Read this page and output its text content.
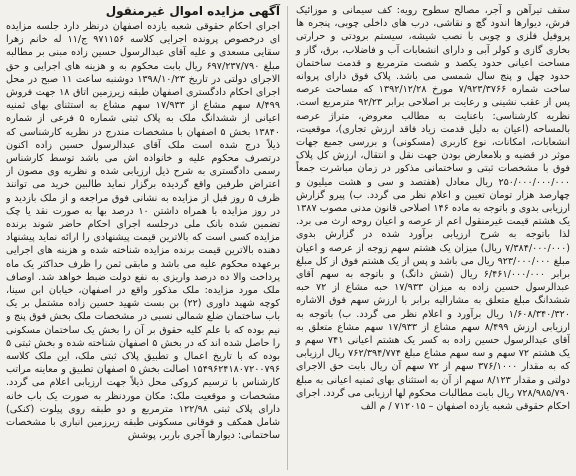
سقف تیرآهن و آجر، مصالح سطوح رویه: کف سیمانی و موزائیک فرش، دیوارها اندود گچ و نقاشی، درب های داخلی چوبی، پنجره ها پروفیل فلزی و چوبی با نصب شیشه، سیستم برودتی و حرارتی بخاری گازی و کولر آبی و دارای انشعابات آب و فاضلاب، برق، گاز و مساحت اعیانی حدود یکصد و شصت مترمربع و قدمت ساختمان حدود چهل و پنج سال شمسی می باشد. پلاک فوق دارای پروانه ساخت شماره ۷/۹۲۳/۳۷۶۶ مورخ ۱۳۹۲/۱۲/۲۸ که مساحت عرصه پس از عقب نشینی و رعایت بر اصلاحی برابر ۹۲/۲۳ مترمربع است. نظریه کارشناسی: باعنایت به مطالب معروض، متراژ عرصه بالمساحه (اعیان به دلیل قدمت زیاد فاقد ارزش تجاری)، موقعیت، انشعابات، امکانات، نوع کاربری (مسکونی) و بررسی جمیع جهات موثر در قضیه و بلامعارض بودن جهت نقل و انتقال، ارزش کل پلاک فوق با مشخصات ثبتی و ساختمانی مذکور در زمان مباشرت جمعاً ۲۵۰/۰۰۰/۰۰۰/۰۰۰ ریال معادل (هفتصد و سی و هشت میلیون و چهارصد هزار تومان تعیین و اعلام نظر می گردد. ب) پیرو گزارش ارزیابی بدوی و باتوجه به ماده ۱۴۶ اصلاحی قانون مدنی مصوب ۱۳۸۷ یک هشتم قیمت غیرمنقول اعم از عرصه و اعیان روحه ارث می برد. لذا باتوجه به شرح ارزیابی برآورد شده در گزارش بدوی (۷/۳۸۴/۰۰۰/۰۰۰ ریال) میزان یک هشتم سهم زوجه از عرصه و اعیان مبلغ ۹۲۳/۰۰۰/۰۰۰ ریال می باشد و پس از یک هشتم فوق از کل مبلغ برابر ۶/۴۶۱/۰۰۰/۰۰۰ ریال (شش دانگ) و باتوجه به سهم آقای عبدالرسول حسین زاده به میزان ۱۷/۹۳۳ حبه مشاع از ۷۲ حبه ششدانگ مبلغ متعلق به مشارالیه برابر با ارزش سهم فوق الاشاره ۱/۶۰۸/۳۴۰/۳۲۰ ریال برآورد و اعلام نظر می گردد. ب) باتوجه به ارزیابی ارزش ۸/۴۹۹ سهم مشاع از ۱۷/۹۳۳ سهم مشاع متعلق به آقای عبدالرسول حسین زاده به کسر یک هشتم اعیانی ۷۴۱ سهم و یک هشتم ۷۲ سهم و سه سهم مشاع مبلغ ۷۶۲/۳۹۴/۷۷۴ ریال ارزیابی که به مقدار ۳۷۶/۱۰۰۰ سهم از ۷۲ سهم آن ریال بابت حق الاجرای دولتی و مقدار ۸/۱۲۳ سهم از آن به استثنای بهای ثمنیه اعیانی به مبلغ ۷۲۸/۹۸۵/۷۹۰ ریال بابت مطالبات محکوم لها ارزیابی می گردد. اجرای احکام حقوقی شعبه یازده اصفهان – ۷۱۲۰۱۵ / م الف

آگهی مزایده اموال غیرمنقول

اجرای احکام حقوقی شعبه یازده اصفهان درنظر دارد جلسه مزایده ای درخصوص پرونده اجرایی کلاسه ۹۷۱۱۵۶ ج/۱۱ له خانم زهرا سقایی مسعدی و علیه آقای عبدالرسول حسین زاده مبنی بر مطالبه مبلغ ۶۹۷/۲۳۷/۷۹۰ ریال بابت محکوم به و هزینه های اجرایی و حق الاجرای دولتی در تاریخ ۱۳۹۸/۱۰/۲۳ دوشنبه ساعت ۱۱ صبح در محل اجرای احکام دادگستری اصفهان طبقه زیرزمین اتاق ۱۸ جهت فروش ۸/۴۹۹ سهم مشاع از ۱۷/۹۳۳ سهم مشاع به استثنای بهای ثمنیه اعیانی از ششدانگ ملک به پلاک ثبتی شماره ۵ فرعی از شماره ۱۳۸۴۰ بخش ۵ اصفهان با مشخصات مندرج در نظریه کارشناسی که ذیلاً درج شده است ملک آقای عبدالرسول حسین زاده اکنون درتصرف محکوم علیه و خانواده اش می باشد توسط کارشناس رسمی دادگستری به شرح ذیل ارزیابی شده و نظریه وی مصون از اعتراض طرفین واقع گردیده برگزار نماید طالبین خرید می توانند ظرف ۵ روز قبل از مزایده به نشانی فوق مراجعه و از ملک بازدید و در روز مزایده با همراه داشتن ۱۰ درصد بها به صورت نقد یا چک تضمین شده بانک ملی درجلسه اجرای احکام حاضر شوند برنده مزایده کسی است که بالاترین قیمت پیشنهادی را ارائه نماید پیشنهاد دهنده بالاترین قیمت برنده مزایده شناخته شده و هزینه های اجرایی برعهده محکوم علیه می باشد و مابقی ثمن را ظرف حداکثر یک ماه پرداخت والا ده درصد واریزی به نفع دولت ضبط خواهد شد. اوصاف ملک مورد مزایده: ملک مذکور واقع در اصفهان، خیابان ابن سینا، کوچه شهید داوری (۲۲) بن بست شهید حسین زاده مشتمل بر یک باب ساختمان ضلع شمالی نسبی در مشخصات ملک بخش فوق پنج و نیم بوده که با علم کلیه حقوق بر آن را بخش یک ساختمان مسکونی را حاصل شده اند که در بخش ۵ اصفهان شناخته شده و بخش ثبتی ۵ بوده که با تاریخ اعمال و تطبیق پلاک ثبتی ملک، این ملک کلاسه ۱۵۴۹۶۲۴۱۸۰۷۲۰۰۷۹۶ اصالت بخش ۵ اصفهان تطبیق و معاینه مراتب کارشناس با ترسیم کروکی محل ذیلاً جهت ارزیابی اعلام می گردد. مشخصات و موقعیت ملک: مکان موردنظر به صورت یک باب خانه دارای پلاک ثبتی ۱۲۲/۹۸ مترمربع و دو طبقه روی پیلوت (کنکی) شامل همکف و فوقانی مسکونی طبقه زیرزمین انباری با مشخصات ساختمانی: دیوارها آجری باربر، پوشش
